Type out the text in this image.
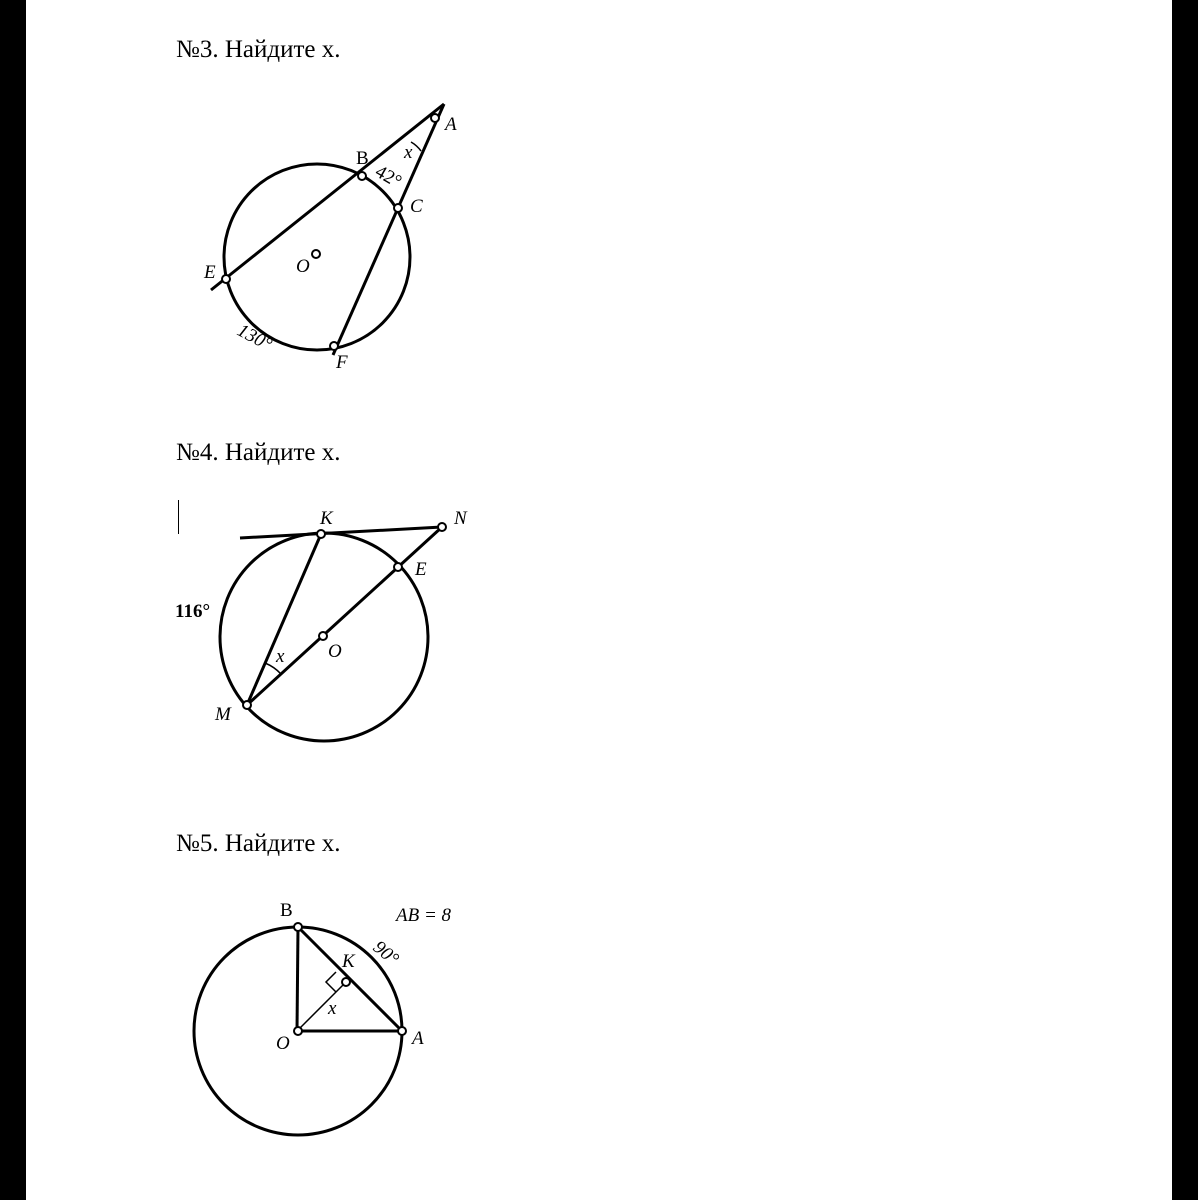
№3. Найдите x.
№4. Найдите x.
№5. Найдите x.
A
B
C
E
F
O
x
42°
130°
K	N
E
O
M
x
116°
B
K
A
O
x
90°
AB = 8
